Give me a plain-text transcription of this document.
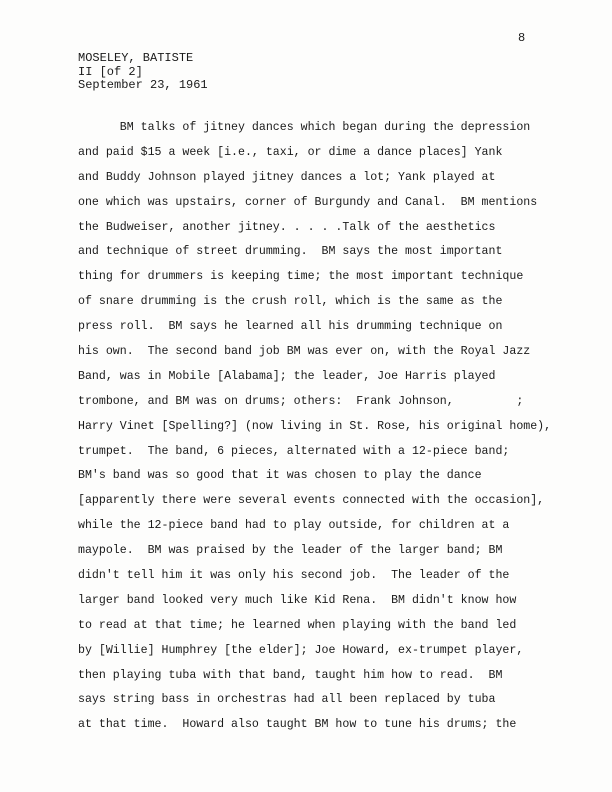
8
MOSELEY, BATISTE
II [of 2]
September 23, 1961
BM talks of jitney dances which began during the depression
and paid $15 a week [i.e., taxi, or dime a dance places] Yank
and Buddy Johnson played jitney dances a lot; Yank played at
one which was upstairs, corner of Burgundy and Canal.  BM mentions
the Budweiser, another jitney. . . . .Talk of the aesthetics
and technique of street drumming.  BM says the most important
thing for drummers is keeping time; the most important technique
of snare drumming is the crush roll, which is the same as the
press roll.  BM says he learned all his drumming technique on
his own.  The second band job BM was ever on, with the Royal Jazz
Band, was in Mobile [Alabama]; the leader, Joe Harris played
trombone, and BM was on drums; others:  Frank Johnson,         ;
Harry Vinet [Spelling?] (now living in St. Rose, his original home),
trumpet.  The band, 6 pieces, alternated with a 12-piece band;
BM's band was so good that it was chosen to play the dance
[apparently there were several events connected with the occasion],
while the 12-piece band had to play outside, for children at a
maypole.  BM was praised by the leader of the larger band; BM
didn't tell him it was only his second job.  The leader of the
larger band looked very much like Kid Rena.  BM didn't know how
to read at that time; he learned when playing with the band led
by [Willie] Humphrey [the elder]; Joe Howard, ex-trumpet player,
then playing tuba with that band, taught him how to read.  BM
says string bass in orchestras had all been replaced by tuba
at that time.  Howard also taught BM how to tune his drums; the
